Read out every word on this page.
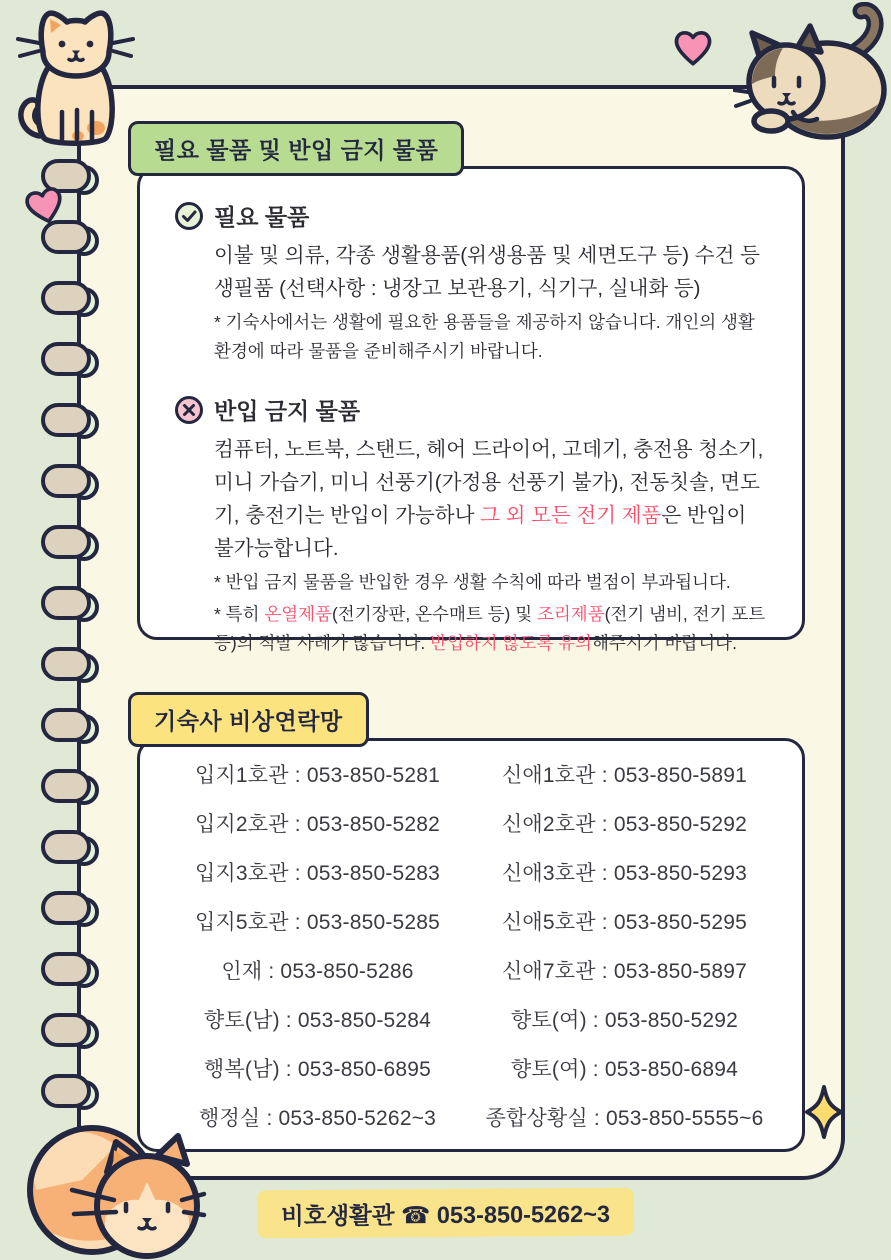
필요 물품
이불 및 의류, 각종 생활용품(위생용품 및 세면도구 등) 수건 등
생필품 (선택사항 : 냉장고 보관용기, 식기구, 실내화 등)
* 기숙사에서는 생활에 필요한 용품들을 제공하지 않습니다. 개인의 생활환경에 따라 물품을 준비해주시기 바랍니다.
반입 금지 물품
컴퓨터, 노트북, 스탠드, 헤어 드라이어, 고데기, 충전용 청소기,  미니 가습기, 미니 선풍기(가정용 선풍기 불가), 전동칫솔, 면도기, 충전기는 반입이 가능하나 그 외 모든 전기 제품은 반입이 불가능합니다.
* 반입 금지 물품을 반입한 경우 생활 수칙에 따라 벌점이 부과됩니다.
* 특히 온열제품(전기장판, 온수매트 등) 및 조리제품(전기 냄비, 전기 포트 등)의 적발 사례가 많습니다. 반입하지 않도록 유의해주시기 바랍니다.
입지1호관 : 053-850-5281	신애1호관 : 053-850-5891
입지2호관 : 053-850-5282	신애2호관 : 053-850-5292
입지3호관 : 053-850-5283	신애3호관 : 053-850-5293
입지5호관 : 053-850-5285	신애5호관 : 053-850-5295
인재 : 053-850-5286	신애7호관 : 053-850-5897
향토(남) : 053-850-5284	향토(여) : 053-850-5292
행복(남) : 053-850-6895	향토(여) : 053-850-6894
행정실 : 053-850-5262~3	종합상황실 : 053-850-5555~6
필요 물품 및 반입 금지 물품
기숙사 비상연락망
비호생활관 ☎ 053-850-5262~3
